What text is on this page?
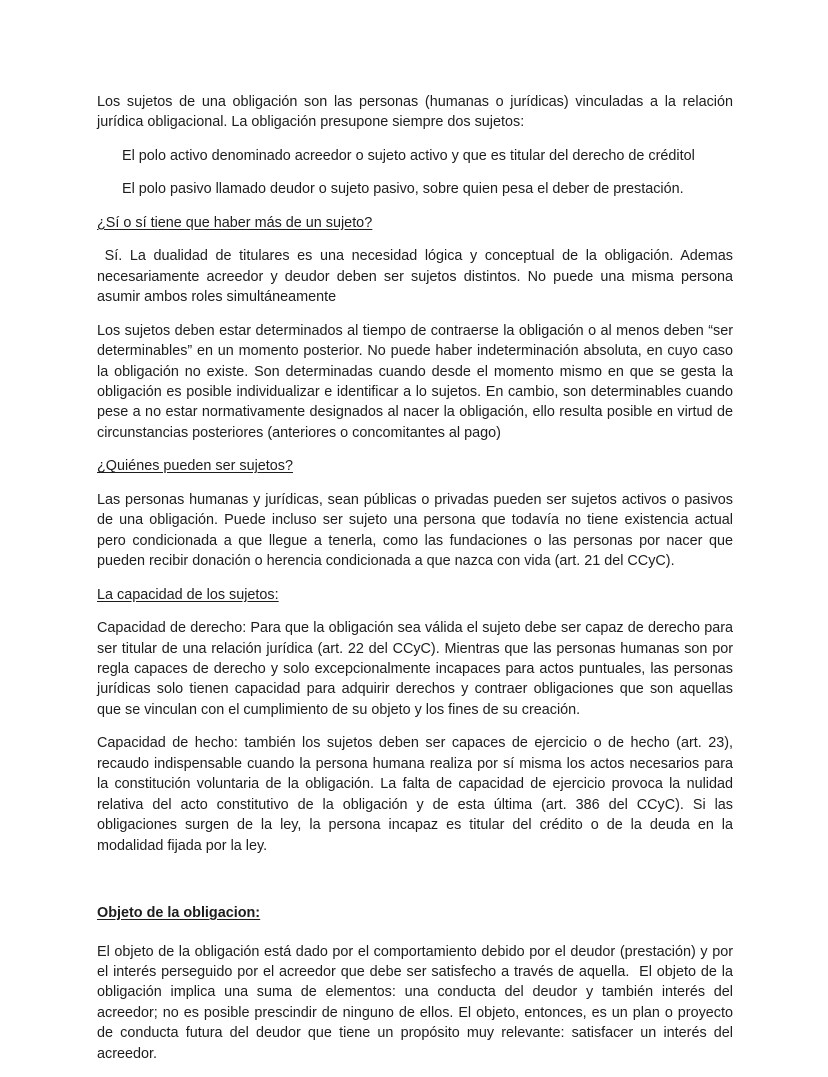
Los sujetos de una obligación son las personas (humanas o jurídicas) vinculadas a la relación jurídica obligacional. La obligación presupone siempre dos sujetos:

El polo activo denominado acreedor o sujeto activo y que es titular del derecho de créditol

El polo pasivo llamado deudor o sujeto pasivo, sobre quien pesa el deber de prestación.

¿Sí o sí tiene que haber más de un sujeto?

Sí. La dualidad de titulares es una necesidad lógica y conceptual de la obligación. Ademas necesariamente acreedor y deudor deben ser sujetos distintos. No puede una misma persona asumir ambos roles simultáneamente

Los sujetos deben estar determinados al tiempo de contraerse la obligación o al menos deben “ser determinables” en un momento posterior. No puede haber indeterminación absoluta, en cuyo caso la obligación no existe. Son determinadas cuando desde el momento mismo en que se gesta la obligación es posible individualizar e identificar a lo sujetos. En cambio, son determinables cuando pese a no estar normativamente designados al nacer la obligación, ello resulta posible en virtud de circunstancias posteriores (anteriores o concomitantes al pago)

¿Quiénes pueden ser sujetos?

Las personas humanas y jurídicas, sean públicas o privadas pueden ser sujetos activos o pasivos de una obligación. Puede incluso ser sujeto una persona que todavía no tiene existencia actual pero condicionada a que llegue a tenerla, como las fundaciones o las personas por nacer que pueden recibir donación o herencia condicionada a que nazca con vida (art. 21 del CCyC).

La capacidad de los sujetos:

Capacidad de derecho: Para que la obligación sea válida el sujeto debe ser capaz de derecho para ser titular de una relación jurídica (art. 22 del CCyC). Mientras que las personas humanas son por regla capaces de derecho y solo excepcionalmente incapaces para actos puntuales, las personas jurídicas solo tienen capacidad para adquirir derechos y contraer obligaciones que son aquellas que se vinculan con el cumplimiento de su objeto y los fines de su creación.

Capacidad de hecho: también los sujetos deben ser capaces de ejercicio o de hecho (art. 23), recaudo indispensable cuando la persona humana realiza por sí misma los actos necesarios para la constitución voluntaria de la obligación. La falta de capacidad de ejercicio provoca la nulidad relativa del acto constitutivo de la obligación y de esta última (art. 386 del CCyC). Si las obligaciones surgen de la ley, la persona incapaz es titular del crédito o de la deuda en la modalidad fijada por la ley.

Objeto de la obligacion:

El objeto de la obligación está dado por el comportamiento debido por el deudor (prestación) y por el interés perseguido por el acreedor que debe ser satisfecho a través de aquella.  El objeto de la obligación implica una suma de elementos: una conducta del deudor y también interés del acreedor; no es posible prescindir de ninguno de ellos. El objeto, entonces, es un plan o proyecto de conducta futura del deudor que tiene un propósito muy relevante: satisfacer un interés del acreedor.
